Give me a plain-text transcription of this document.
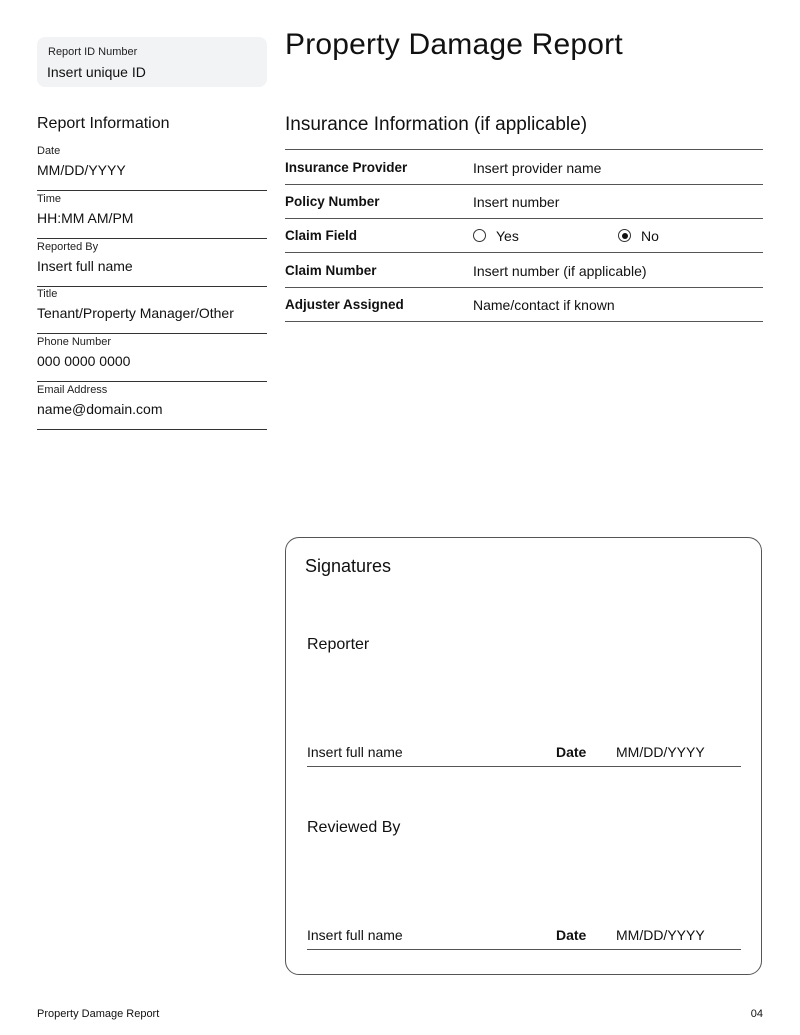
Report ID Number
Insert unique ID
Property Damage Report
Report Information
Date
MM/DD/YYYY
Time
HH:MM AM/PM
Reported By
Insert full name
Title
Tenant/Property Manager/Other
Phone Number
000 0000 0000
Email Address
name@domain.com
Insurance Information (if applicable)
Insurance Provider	Insert provider name
Policy Number	Insert number
Claim Field	Yes	No
Claim Number	Insert number (if applicable)
Adjuster Assigned	Name/contact if known
Signatures
Reporter
Insert full name	Date MM/DD/YYYY
Reviewed By
Insert full name	Date MM/DD/YYYY
Property Damage Report	04
